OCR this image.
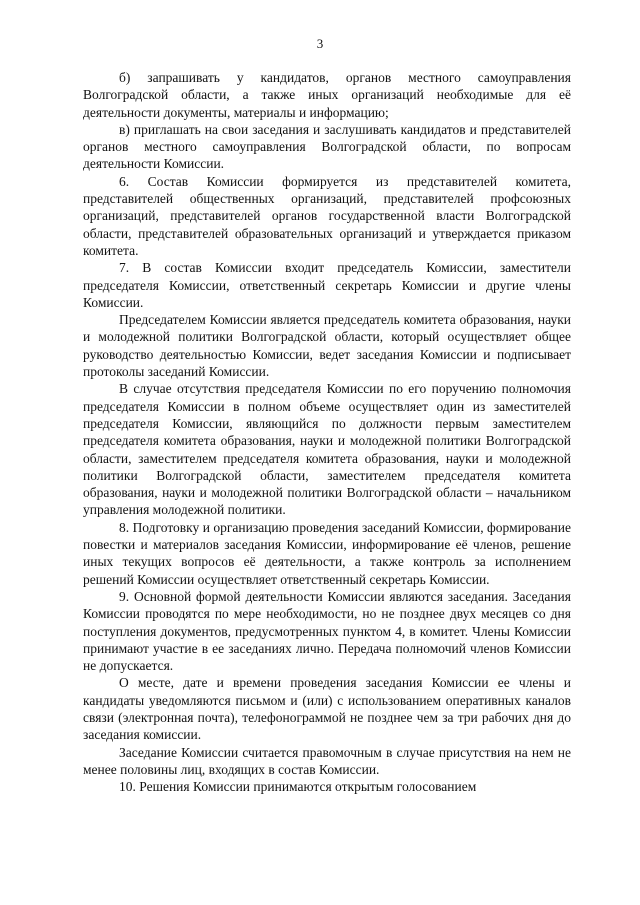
3

б) запрашивать у кандидатов, органов местного самоуправления Волгоградской области, а также иных организаций необходимые для её деятельности документы, материалы и информацию;

в) приглашать на свои заседания и заслушивать кандидатов и представителей органов местного самоуправления Волгоградской области, по вопросам деятельности Комиссии.

6. Состав Комиссии формируется из представителей комитета, представителей общественных организаций, представителей профсоюзных организаций, представителей органов государственной власти Волгоградской области, представителей образовательных организаций и утверждается приказом комитета.

7. В состав Комиссии входит председатель Комиссии, заместители председателя Комиссии, ответственный секретарь Комиссии и другие члены Комиссии.

Председателем Комиссии является председатель комитета образования, науки и молодежной политики Волгоградской области, который осуществляет общее руководство деятельностью Комиссии, ведет заседания Комиссии и подписывает протоколы заседаний Комиссии.

В случае отсутствия председателя Комиссии по его поручению полномочия председателя Комиссии в полном объеме осуществляет один из заместителей председателя Комиссии, являющийся по должности первым заместителем председателя комитета образования, науки и молодежной политики Волгоградской области, заместителем председателя комитета образования, науки и молодежной политики Волгоградской области, заместителем председателя комитета образования, науки и молодежной политики Волгоградской области – начальником управления молодежной политики.

8. Подготовку и организацию проведения заседаний Комиссии, формирование повестки и материалов заседания Комиссии, информирование её членов, решение иных текущих вопросов её деятельности, а также контроль за исполнением решений Комиссии осуществляет ответственный секретарь Комиссии.

9. Основной формой деятельности Комиссии являются заседания. Заседания Комиссии проводятся по мере необходимости, но не позднее двух месяцев со дня поступления документов, предусмотренных пунктом 4, в комитет. Члены Комиссии принимают участие в ее заседаниях лично. Передача полномочий членов Комиссии не допускается.

О месте, дате и времени проведения заседания Комиссии ее члены и кандидаты уведомляются письмом и (или) с использованием оперативных каналов связи (электронная почта), телефонограммой не позднее чем за три рабочих дня до заседания комиссии.

Заседание Комиссии считается правомочным в случае присутствия на нем не менее половины лиц, входящих в состав Комиссии.

10. Решения Комиссии принимаются открытым голосованием
